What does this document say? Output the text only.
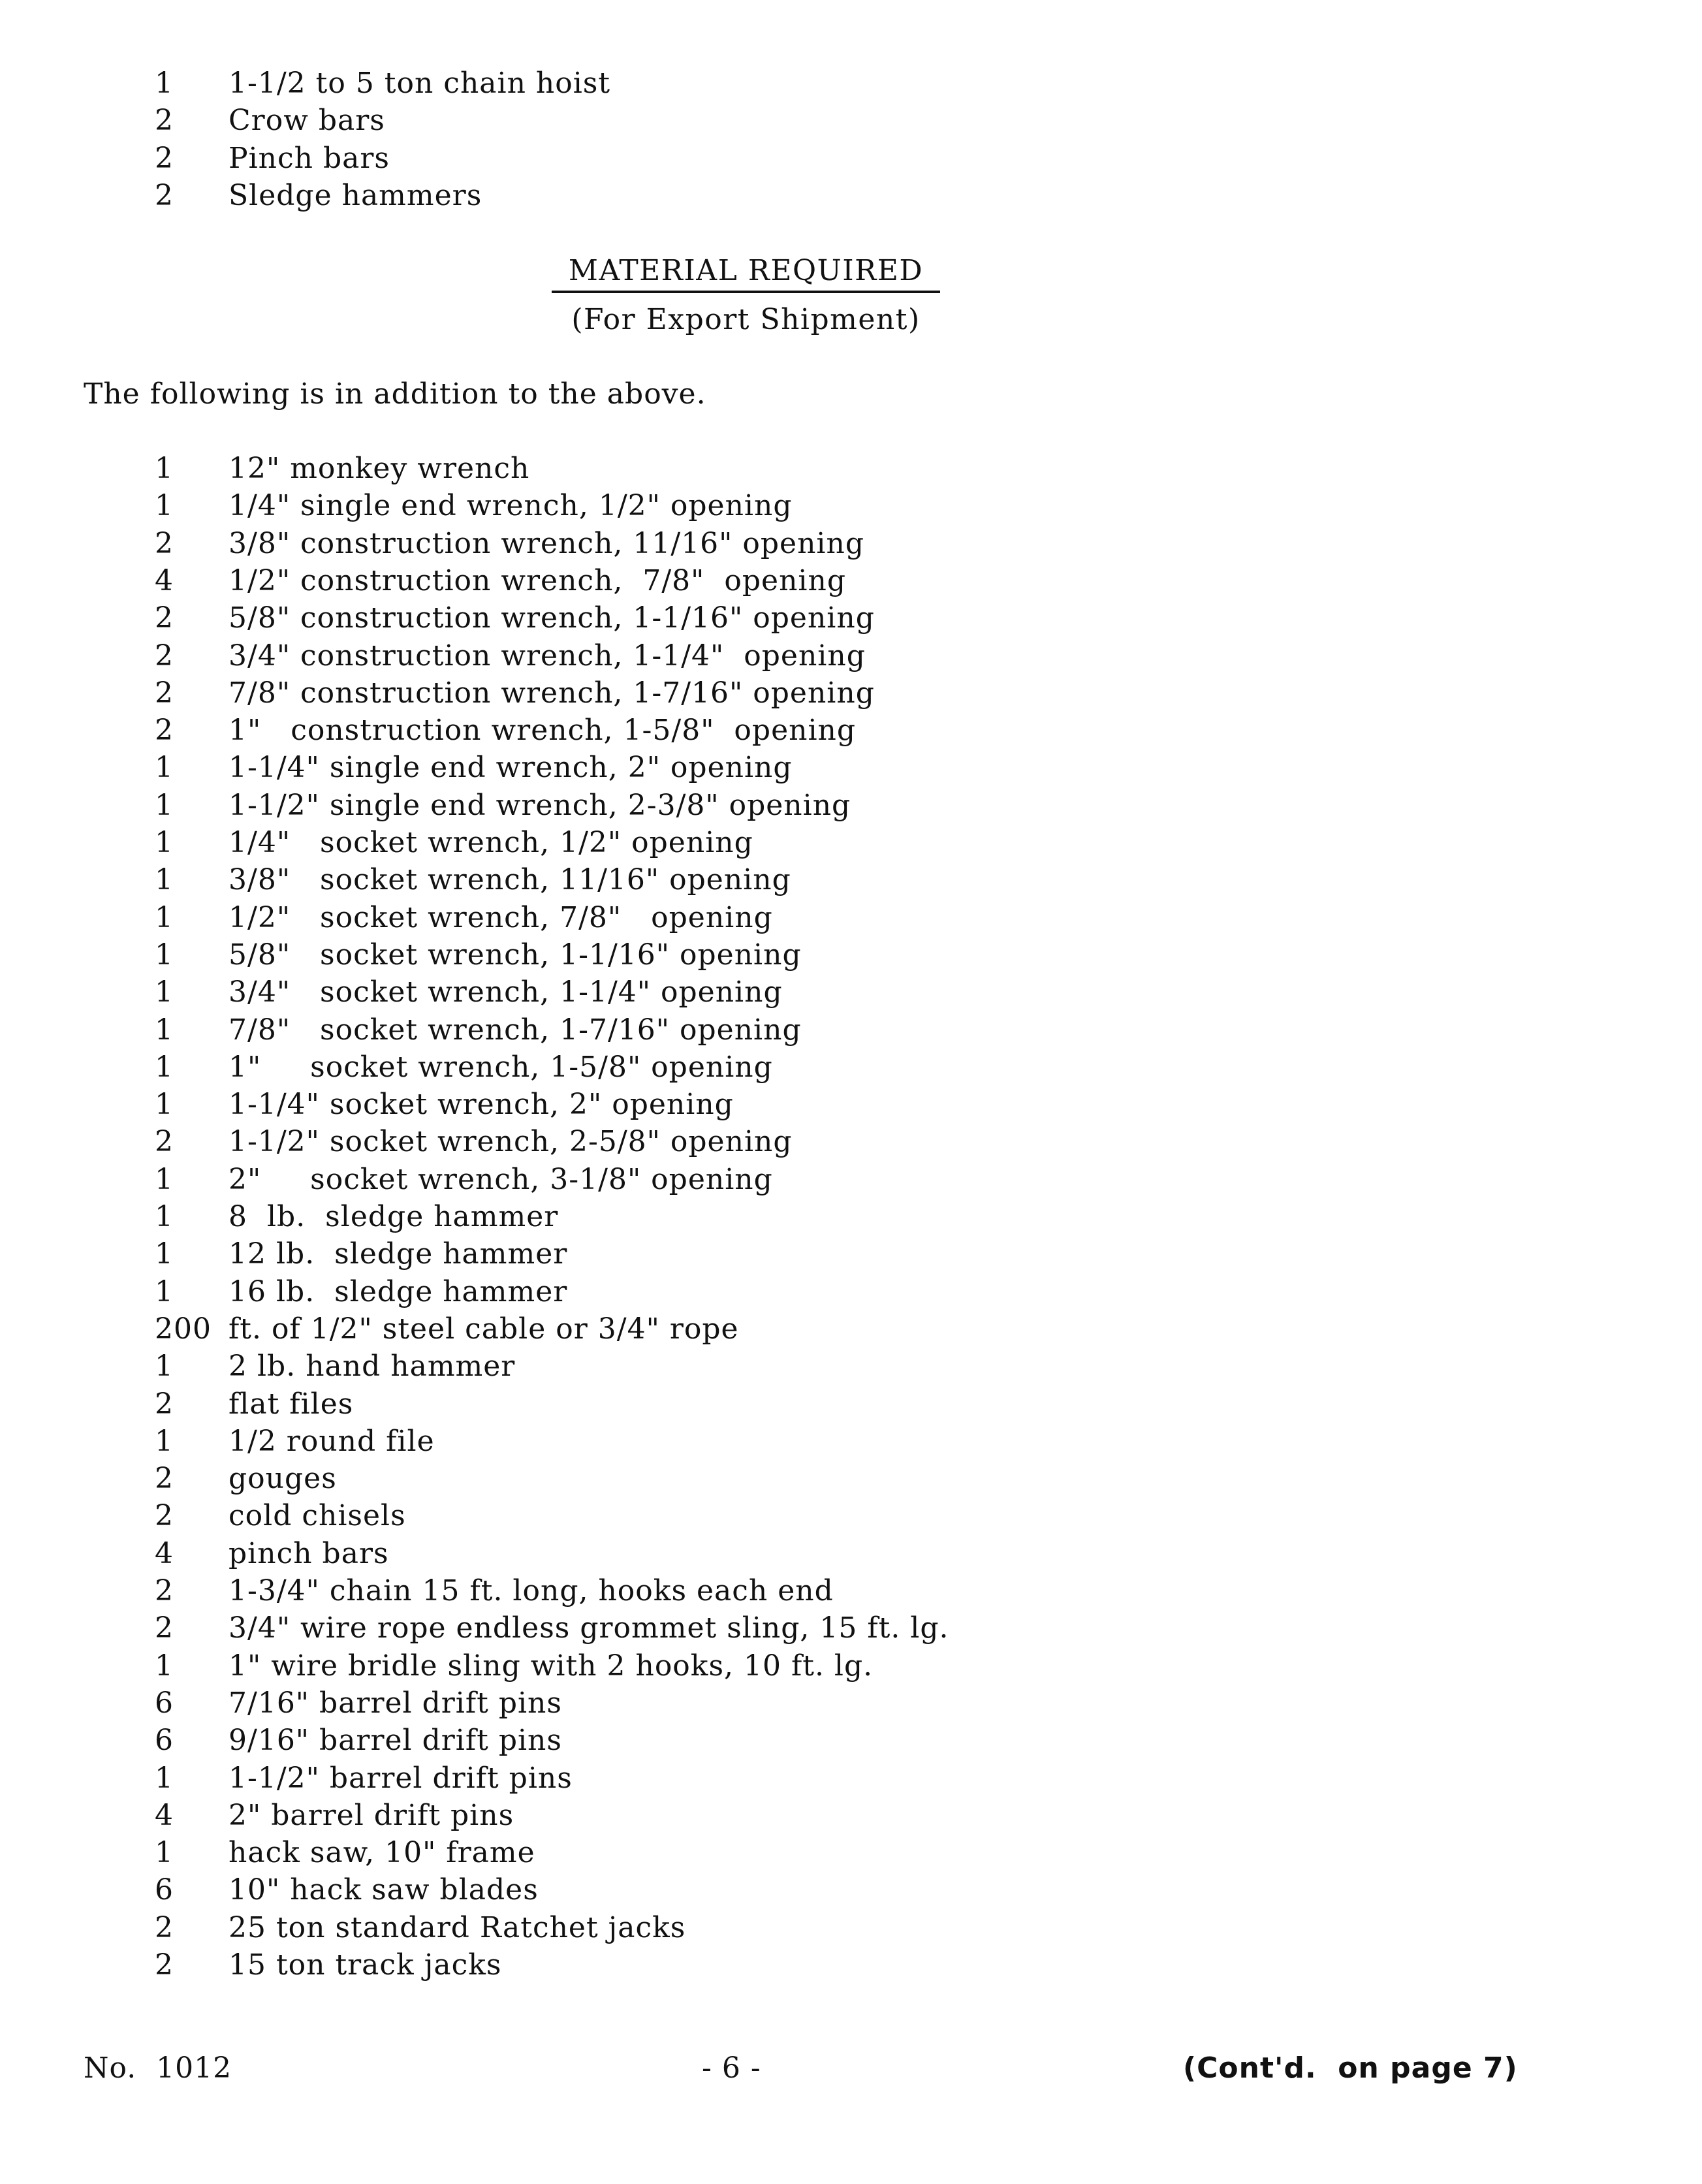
1 1-1/2 to 5 ton chain hoist
2 Crow bars
2 Pinch bars
2 Sledge hammers
MATERIAL REQUIRED
(For Export Shipment)
The following is in addition to the above.
1 12" monkey wrench
1 1/4" single end wrench, 1/2" opening
2 3/8" construction wrench, 11/16" opening
4 1/2" construction wrench,  7/8"  opening
2 5/8" construction wrench, 1-1/16" opening
2 3/4" construction wrench, 1-1/4"  opening
2 7/8" construction wrench, 1-7/16" opening
2 1"   construction wrench, 1-5/8"  opening
1 1-1/4" single end wrench, 2" opening
1 1-1/2" single end wrench, 2-3/8" opening
1 1/4"   socket wrench, 1/2" opening
1 3/8"   socket wrench, 11/16" opening
1 1/2"   socket wrench, 7/8"   opening
1 5/8"   socket wrench, 1-1/16" opening
1 3/4"   socket wrench, 1-1/4" opening
1 7/8"   socket wrench, 1-7/16" opening
1 1"     socket wrench, 1-5/8" opening
1 1-1/4" socket wrench, 2" opening
2 1-1/2" socket wrench, 2-5/8" opening
1 2"     socket wrench, 3-1/8" opening
1 8  lb.  sledge hammer
1 12 lb.  sledge hammer
1 16 lb.  sledge hammer
200 ft. of 1/2" steel cable or 3/4" rope
1 2 lb. hand hammer
2 flat files
1 1/2 round file
2 gouges
2 cold chisels
4 pinch bars
2 1-3/4" chain 15 ft. long, hooks each end
2 3/4" wire rope endless grommet sling, 15 ft. lg.
1 1" wire bridle sling with 2 hooks, 10 ft. lg.
6 7/16" barrel drift pins
6 9/16" barrel drift pins
1 1-1/2" barrel drift pins
4 2" barrel drift pins
1 hack saw, 10" frame
6 10" hack saw blades
2 25 ton standard Ratchet jacks
2 15 ton track jacks
No.  1012	- 6 -	(Cont'd.  on page 7)
